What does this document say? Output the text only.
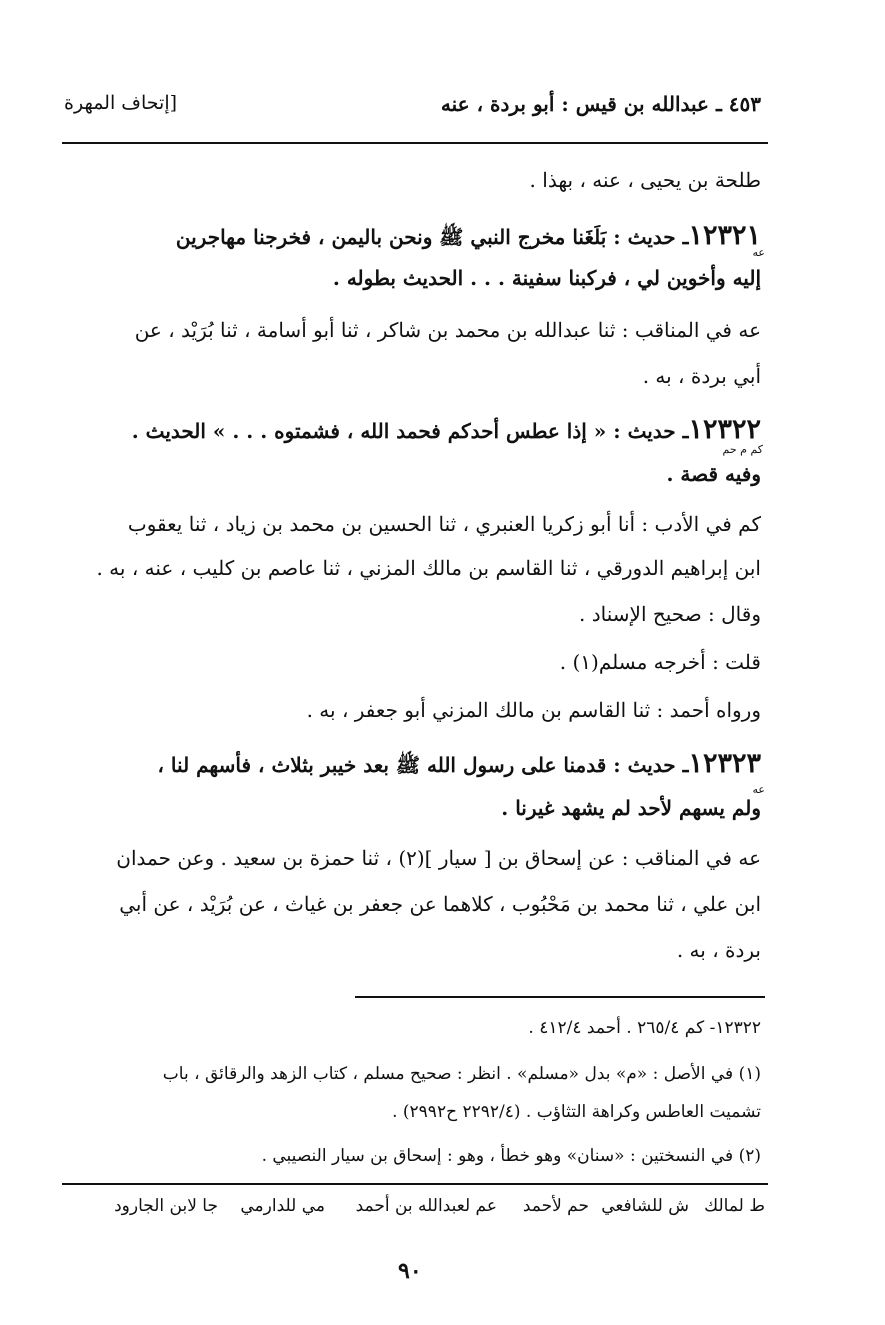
٤٥٣ ـ عبدالله بن قيس : أبو بردة ، عنه
[إتحاف المهرة
طلحة بن يحيى ، عنه ، بهذا .
١٢٣٢١ـ حديث : بَلَغَنا مخرج النبي ﷺ ونحن باليمن ، فخرجنا مهاجرين
عه
إليه وأخوين لي ، فركبنا سفينة . . . الحديث بطوله .
عه في المناقب : ثنا عبدالله بن محمد بن شاكر ، ثنا أبو أسامة ، ثنا بُرَيْد ، عن
أبي بردة ، به .
١٢٣٢٢ـ حديث : « إذا عطس أحدكم فحمد الله ، فشمتوه . . . » الحديث .
كم م حم
وفيه قصة .
كم في الأدب : أنا أبو زكريا العنبري ، ثنا الحسين بن محمد بن زياد ، ثنا يعقوب
ابن إبراهيم الدورقي ، ثنا القاسم بن مالك المزني ، ثنا عاصم بن كليب ، عنه ، به .
وقال : صحيح الإسناد .
قلت : أخرجه مسلم(١) .
ورواه أحمد : ثنا القاسم بن مالك المزني أبو جعفر ، به .
١٢٣٢٣ـ حديث : قدمنا على رسول الله ﷺ بعد خيبر بثلاث ، فأسهم لنا ،
عه
ولم يسهم لأحد لم يشهد غيرنا .
عه في المناقب : عن إسحاق بن [ سيار ](٢) ، ثنا حمزة بن سعيد . وعن حمدان
ابن علي ، ثنا محمد بن مَحْبُوب ، كلاهما عن جعفر بن غياث ، عن بُرَيْد ، عن أبي
بردة ، به .
١٢٣٢٢- كم ٢٦٥/٤ . أحمد ٤١٢/٤ .
(١) في الأصل : «م» بدل «مسلم» . انظر : صحيح مسلم ، كتاب الزهد والرقائق ، باب
تشميت العاطس وكراهة التثاؤب . (٢٢٩٢/٤ ح٢٩٩٢) .
(٢) في النسختين : «سنان» وهو خطأ ، وهو : إسحاق بن سيار النصيبي .
ط لمالك
ش للشافعي
حم لأحمد
عم لعبدالله بن أحمد
مي للدارمي
جا لابن الجارود
٩٠
